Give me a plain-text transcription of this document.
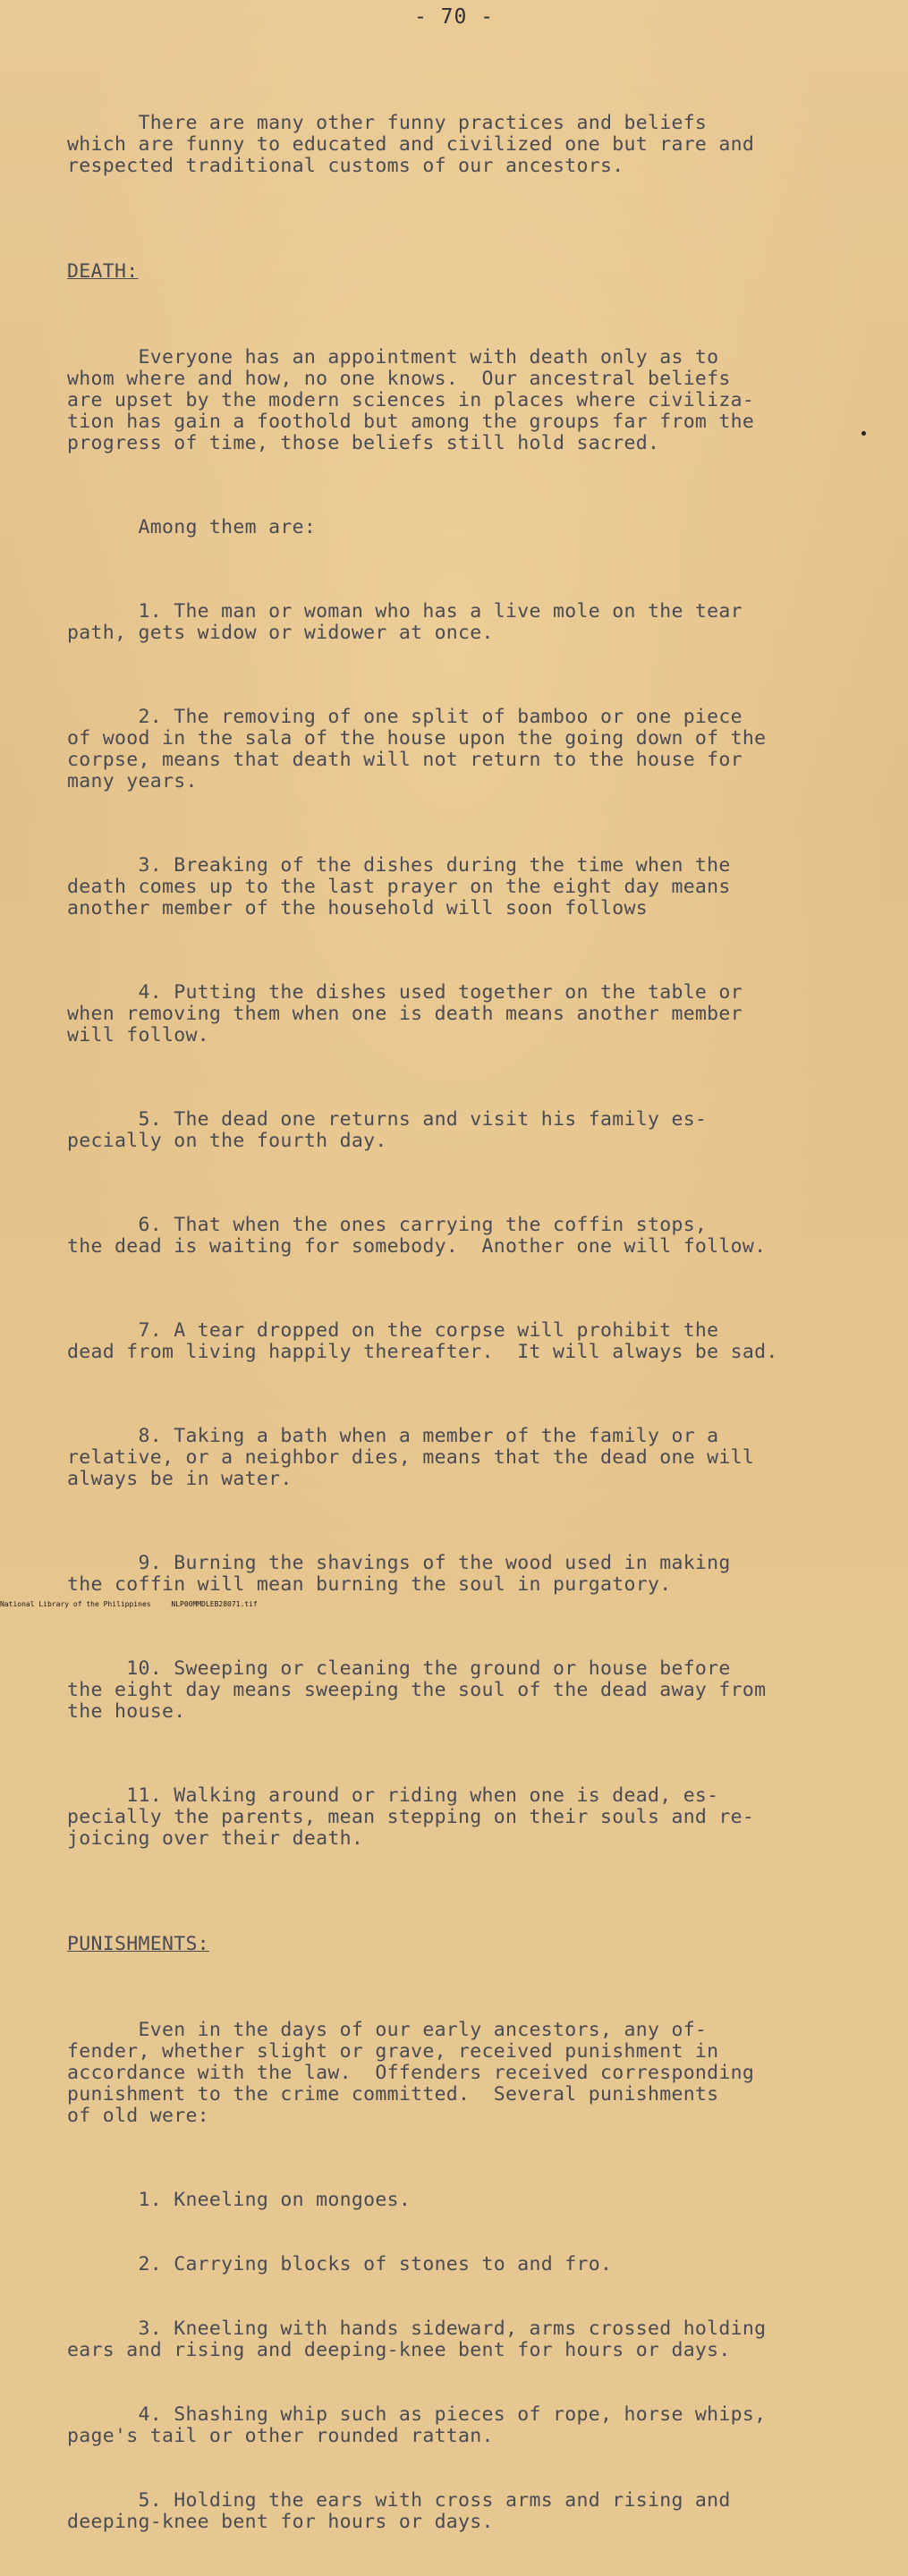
- 70 -

There are many other funny practices and beliefs
which are funny to educated and civilized one but rare and
respected traditional customs of our ancestors.

DEATH:

Everyone has an appointment with death only as to
whom where and how, no one knows.  Our ancestral beliefs
are upset by the modern sciences in places where civiliza-
tion has gain a foothold but among the groups far from the
progress of time, those beliefs still hold sacred.

Among them are:

1. The man or woman who has a live mole on the tear
path, gets widow or widower at once.

2. The removing of one split of bamboo or one piece
of wood in the sala of the house upon the going down of the
corpse, means that death will not return to the house for
many years.

3. Breaking of the dishes during the time when the
death comes up to the last prayer on the eight day means
another member of the household will soon follows

4. Putting the dishes used together on the table or
when removing them when one is death means another member
will follow.

5. The dead one returns and visit his family es-
pecially on the fourth day.

6. That when the ones carrying the coffin stops,
the dead is waiting for somebody.  Another one will follow.

7. A tear dropped on the corpse will prohibit the
dead from living happily thereafter.  It will always be sad.

8. Taking a bath when a member of the family or a
relative, or a neighbor dies, means that the dead one will
always be in water.

9. Burning the shavings of the wood used in making
the coffin will mean burning the soul in purgatory.

10. Sweeping or cleaning the ground or house before
the eight day means sweeping the soul of the dead away from
the house.

11. Walking around or riding when one is dead, es-
pecially the parents, mean stepping on their souls and re-
joicing over their death.

PUNISHMENTS:

Even in the days of our early ancestors, any of-
fender, whether slight or grave, received punishment in
accordance with the law.  Offenders received corresponding
punishment to the crime committed.  Several punishments
of old were:

1. Kneeling on mongoes.

2. Carrying blocks of stones to and fro.

3. Kneeling with hands sideward, arms crossed holding
ears and rising and deeping-knee bent for hours or days.

4. Shashing whip such as pieces of rope, horse whips,
page's tail or other rounded rattan.

5. Holding the ears with cross arms and rising and
deeping-knee bent for hours or days.

National Library of the Philippines	NLP00MMDLEB28071.tif
